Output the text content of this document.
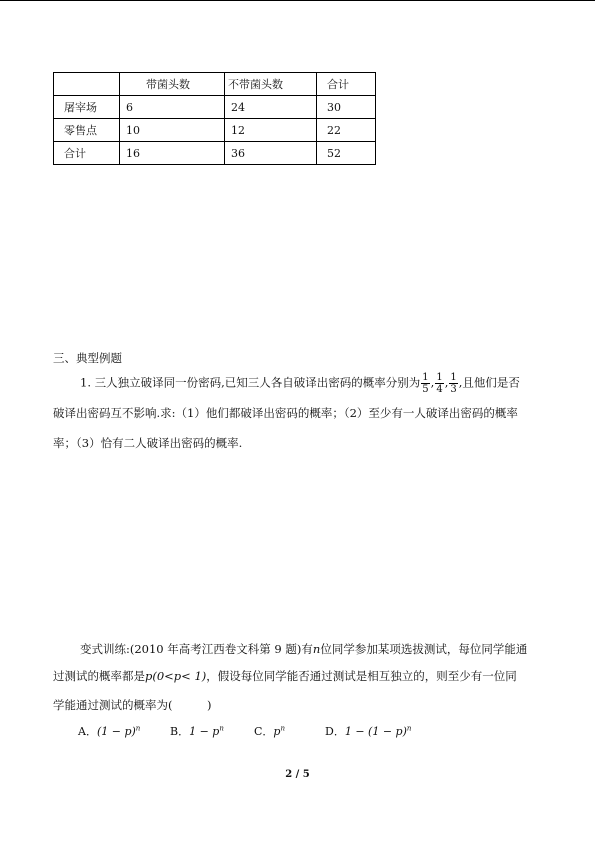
	带菌头数	不带菌头数	合计
屠宰场	6	24	30
零售点	10	12	22
合计	16	36	52
三、典型例题
1. 三人独立破译同一份密码,已知三人各自破译出密码的概率分别为 $\frac{1}{5}$ , $\frac{1}{4}$ , $\frac{1}{3}$ ,且他们是否
破译出密码互不影响.求:（1）他们都破译出密码的概率；（2）至少有一人破译出密码的概率
率；（3）恰有二人破译出密码的概率.
变式训练:(2010 年高考江西卷文科第 9 题)有n位同学参加某项选拔测试，每位同学能通
过测试的概率都是p(0<p< 1)，假设每位同学能否通过测试是相互独立的，则至少有一位同
学能通过测试的概率为(　　　)
A．$(1 - p)^n$	B．$1 - p^n$	C．$p^n$	D．$1 - (1 - p)^n$
2 / 5
